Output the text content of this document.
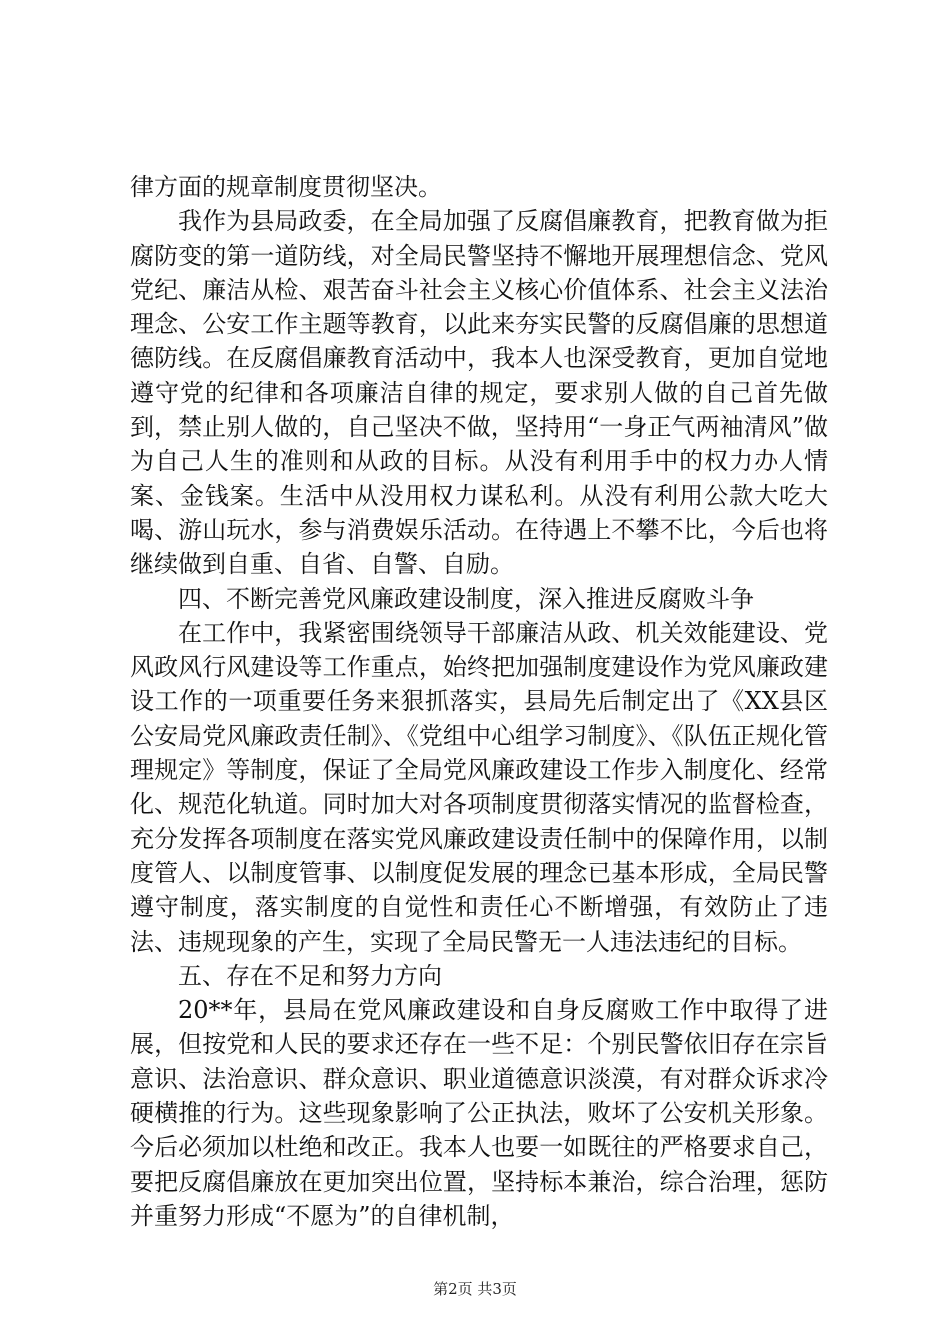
律方面的规章制度贯彻坚决。

我作为县局政委，在全局加强了反腐倡廉教育，把教育做为拒腐防变的第一道防线，对全局民警坚持不懈地开展理想信念、党风党纪、廉洁从检、艰苦奋斗社会主义核心价值体系、社会主义法治理念、公安工作主题等教育，以此来夯实民警的反腐倡廉的思想道德防线。在反腐倡廉教育活动中，我本人也深受教育，更加自觉地遵守党的纪律和各项廉洁自律的规定，要求别人做的自己首先做到，禁止别人做的，自己坚决不做，坚持用“一身正气两袖清风”做为自己人生的准则和从政的目标。从没有利用手中的权力办人情案、金钱案。生活中从没用权力谋私利。从没有利用公款大吃大喝、游山玩水，参与消费娱乐活动。在待遇上不攀不比，今后也将继续做到自重、自省、自警、自励。

四、不断完善党风廉政建设制度，深入推进反腐败斗争

在工作中，我紧密围绕领导干部廉洁从政、机关效能建设、党风政风行风建设等工作重点，始终把加强制度建设作为党风廉政建设工作的一项重要任务来狠抓落实，县局先后制定出了《XX县区公安局党风廉政责任制》、《党组中心组学习制度》、《队伍正规化管理规定》等制度，保证了全局党风廉政建设工作步入制度化、经常化、规范化轨道。同时加大对各项制度贯彻落实情况的监督检查，充分发挥各项制度在落实党风廉政建设责任制中的保障作用，以制度管人、以制度管事、以制度促发展的理念已基本形成，全局民警遵守制度，落实制度的自觉性和责任心不断增强，有效防止了违法、违规现象的产生，实现了全局民警无一人违法违纪的目标。

五、存在不足和努力方向

20**年，县局在党风廉政建设和自身反腐败工作中取得了进展，但按党和人民的要求还存在一些不足：个别民警依旧存在宗旨意识、法治意识、群众意识、职业道德意识淡漠，有对群众诉求冷硬横推的行为。这些现象影响了公正执法，败坏了公安机关形象。今后必须加以杜绝和改正。我本人也要一如既往的严格要求自己，要把反腐倡廉放在更加突出位置，坚持标本兼治，综合治理，惩防并重努力形成“不愿为”的自律机制，

第2页 共3页
